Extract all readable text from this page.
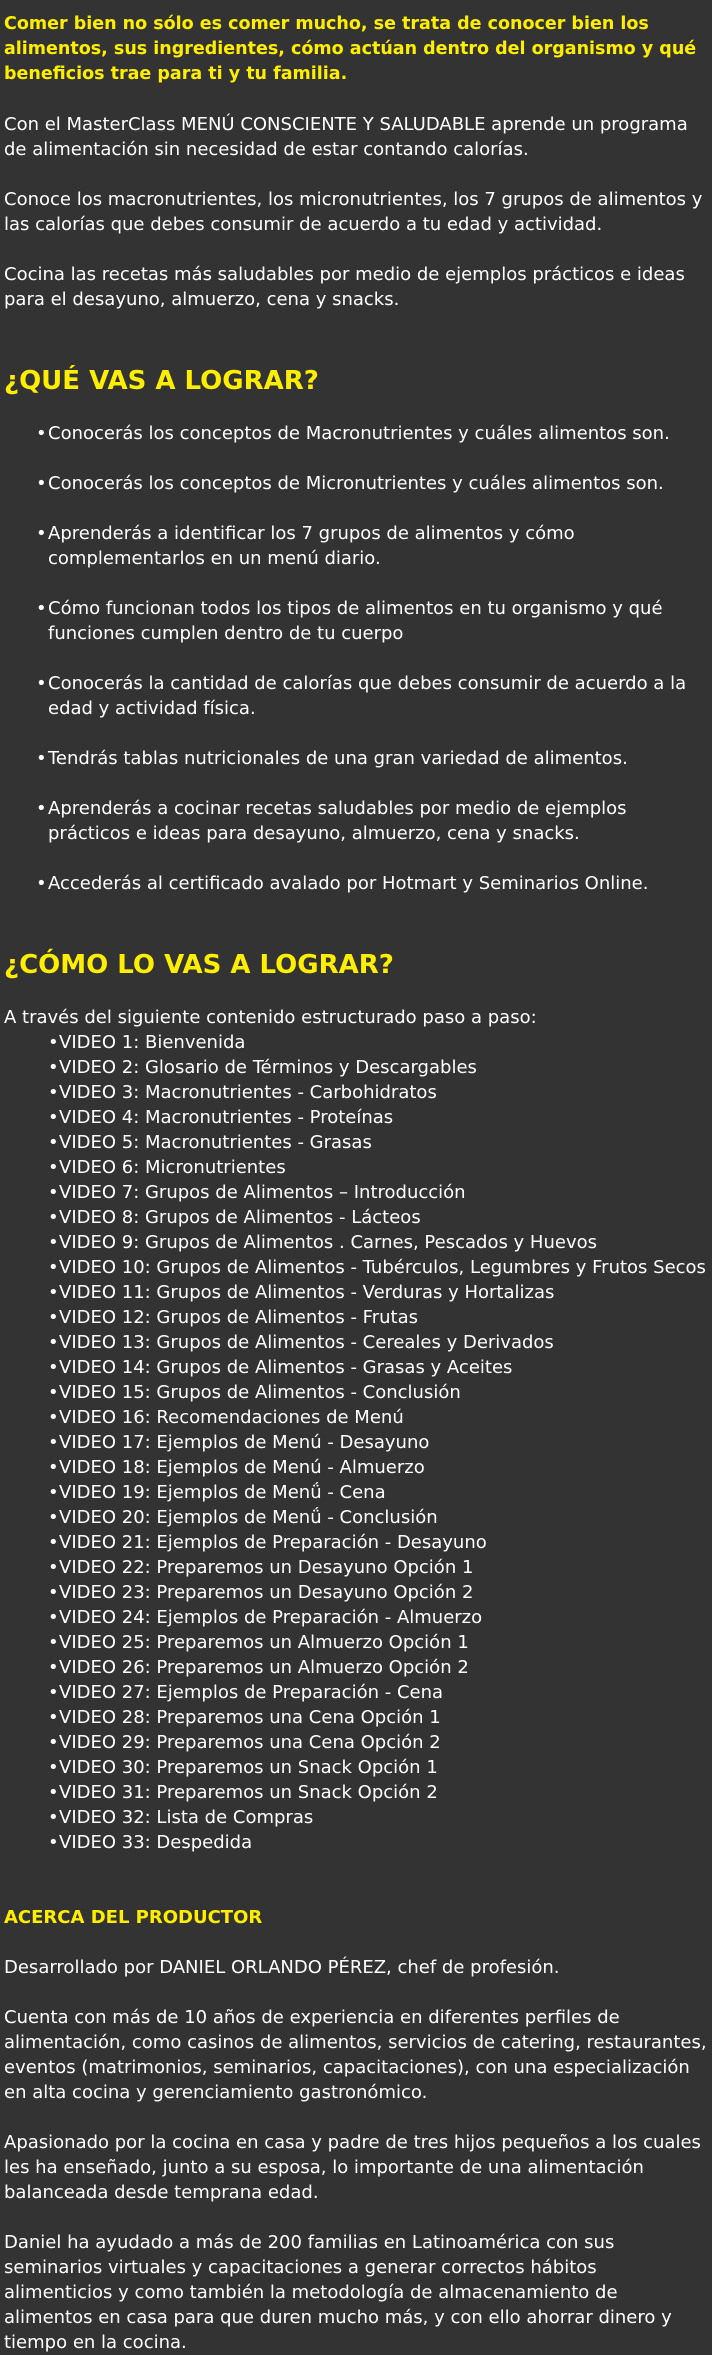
Comer bien no sólo es comer mucho, se trata de conocer bien los alimentos, sus ingredientes, cómo actúan dentro del organismo y qué beneficios trae para ti y tu familia.

Con el MasterClass MENÚ CONSCIENTE Y SALUDABLE aprende un programa de alimentación sin necesidad de estar contando calorías.

Conoce los macronutrientes, los micronutrientes, los 7 grupos de alimentos y las calorías que debes consumir de acuerdo a tu edad y actividad.

Cocina las recetas más saludables por medio de ejemplos prácticos e ideas para el desayuno, almuerzo, cena y snacks.

¿QUÉ VAS A LOGRAR?
• Conocerás los conceptos de Macronutrientes y cuáles alimentos son.
• Conocerás los conceptos de Micronutrientes y cuáles alimentos son.
• Aprenderás a identificar los 7 grupos de alimentos y cómo complementarlos en un menú diario.
• Cómo funcionan todos los tipos de alimentos en tu organismo y qué funciones cumplen dentro de tu cuerpo
• Conocerás la cantidad de calorías que debes consumir de acuerdo a la edad y actividad física.
• Tendrás tablas nutricionales de una gran variedad de alimentos.
• Aprenderás a cocinar recetas saludables por medio de ejemplos prácticos e ideas para desayuno, almuerzo, cena y snacks.
• Accederás al certificado avalado por Hotmart y Seminarios Online.
¿CÓMO LO VAS A LOGRAR?

A través del siguiente contenido estructurado paso a paso:

• VIDEO 1: Bienvenida
• VIDEO 2: Glosario de Términos y Descargables
• VIDEO 3: Macronutrientes - Carbohidratos
• VIDEO 4: Macronutrientes - Proteínas
• VIDEO 5: Macronutrientes - Grasas
• VIDEO 6: Micronutrientes
• VIDEO 7: Grupos de Alimentos – Introducción
• VIDEO 8: Grupos de Alimentos - Lácteos
• VIDEO 9: Grupos de Alimentos . Carnes, Pescados y Huevos
• VIDEO 10: Grupos de Alimentos - Tubérculos, Legumbres y Frutos Secos
• VIDEO 11: Grupos de Alimentos - Verduras y Hortalizas
• VIDEO 12: Grupos de Alimentos - Frutas
• VIDEO 13: Grupos de Alimentos - Cereales y Derivados
• VIDEO 14: Grupos de Alimentos - Grasas y Aceites
• VIDEO 15: Grupos de Alimentos - Conclusión
• VIDEO 16: Recomendaciones de Menú
• VIDEO 17: Ejemplos de Menú - Desayuno
• VIDEO 18: Ejemplos de Menú - Almuerzo
• VIDEO 19: Ejemplos de Menǘ - Cena
• VIDEO 20: Ejemplos de Menǘ - Conclusión
• VIDEO 21: Ejemplos de Preparación - Desayuno
• VIDEO 22: Preparemos un Desayuno Opción 1
• VIDEO 23: Preparemos un Desayuno Opción 2
• VIDEO 24: Ejemplos de Preparación - Almuerzo
• VIDEO 25: Preparemos un Almuerzo Opción 1
• VIDEO 26: Preparemos un Almuerzo Opción 2
• VIDEO 27: Ejemplos de Preparación - Cena
• VIDEO 28: Preparemos una Cena Opción 1
• VIDEO 29: Preparemos una Cena Opción 2
• VIDEO 30: Preparemos un Snack Opción 1
• VIDEO 31: Preparemos un Snack Opción 2
• VIDEO 32: Lista de Compras
• VIDEO 33: Despedida
ACERCA DEL PRODUCTOR

Desarrollado por DANIEL ORLANDO PÉREZ, chef de profesión.

Cuenta con más de 10 años de experiencia en diferentes perfiles de alimentación, como casinos de alimentos, servicios de catering, restaurantes, eventos (matrimonios, seminarios, capacitaciones), con una especialización en alta cocina y gerenciamiento gastronómico.

Apasionado por la cocina en casa y padre de tres hijos pequeños a los cuales les ha enseñado, junto a su esposa, lo importante de una alimentación balanceada desde temprana edad.

Daniel ha ayudado a más de 200 familias en Latinoamérica con sus seminarios virtuales y capacitaciones a generar correctos hábitos alimenticios y como también la metodología de almacenamiento de alimentos en casa para que duren mucho más, y con ello ahorrar dinero y tiempo en la cocina.
